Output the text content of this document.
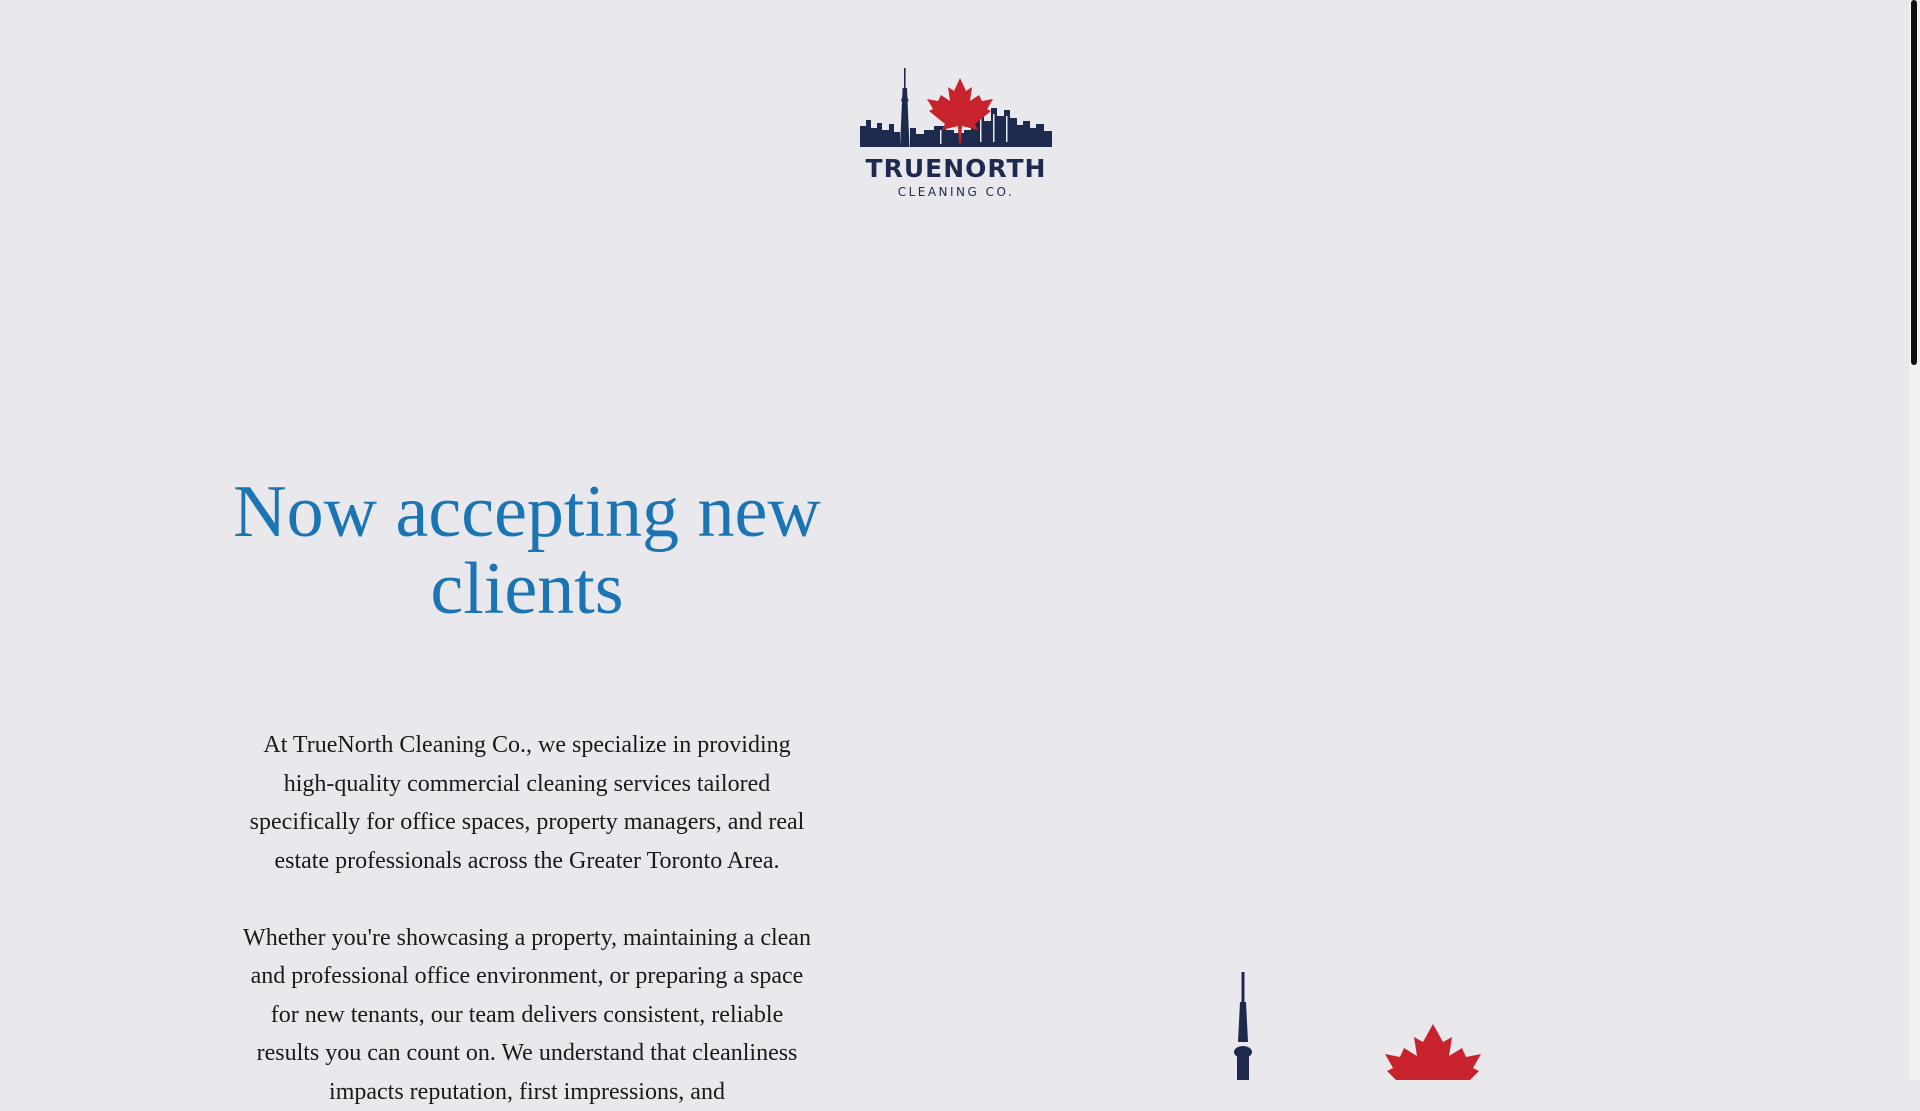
TRUENORTH
CLEANING CO.
Now accepting new clients

At TrueNorth Cleaning Co., we specialize in providing high-quality commercial cleaning services tailored specifically for office spaces, property managers, and real estate professionals across the Greater Toronto Area.

Whether you're showcasing a property, maintaining a clean and professional office environment, or preparing a space for new tenants, our team delivers consistent, reliable results you can count on. We understand that cleanliness impacts reputation, first impressions, and
